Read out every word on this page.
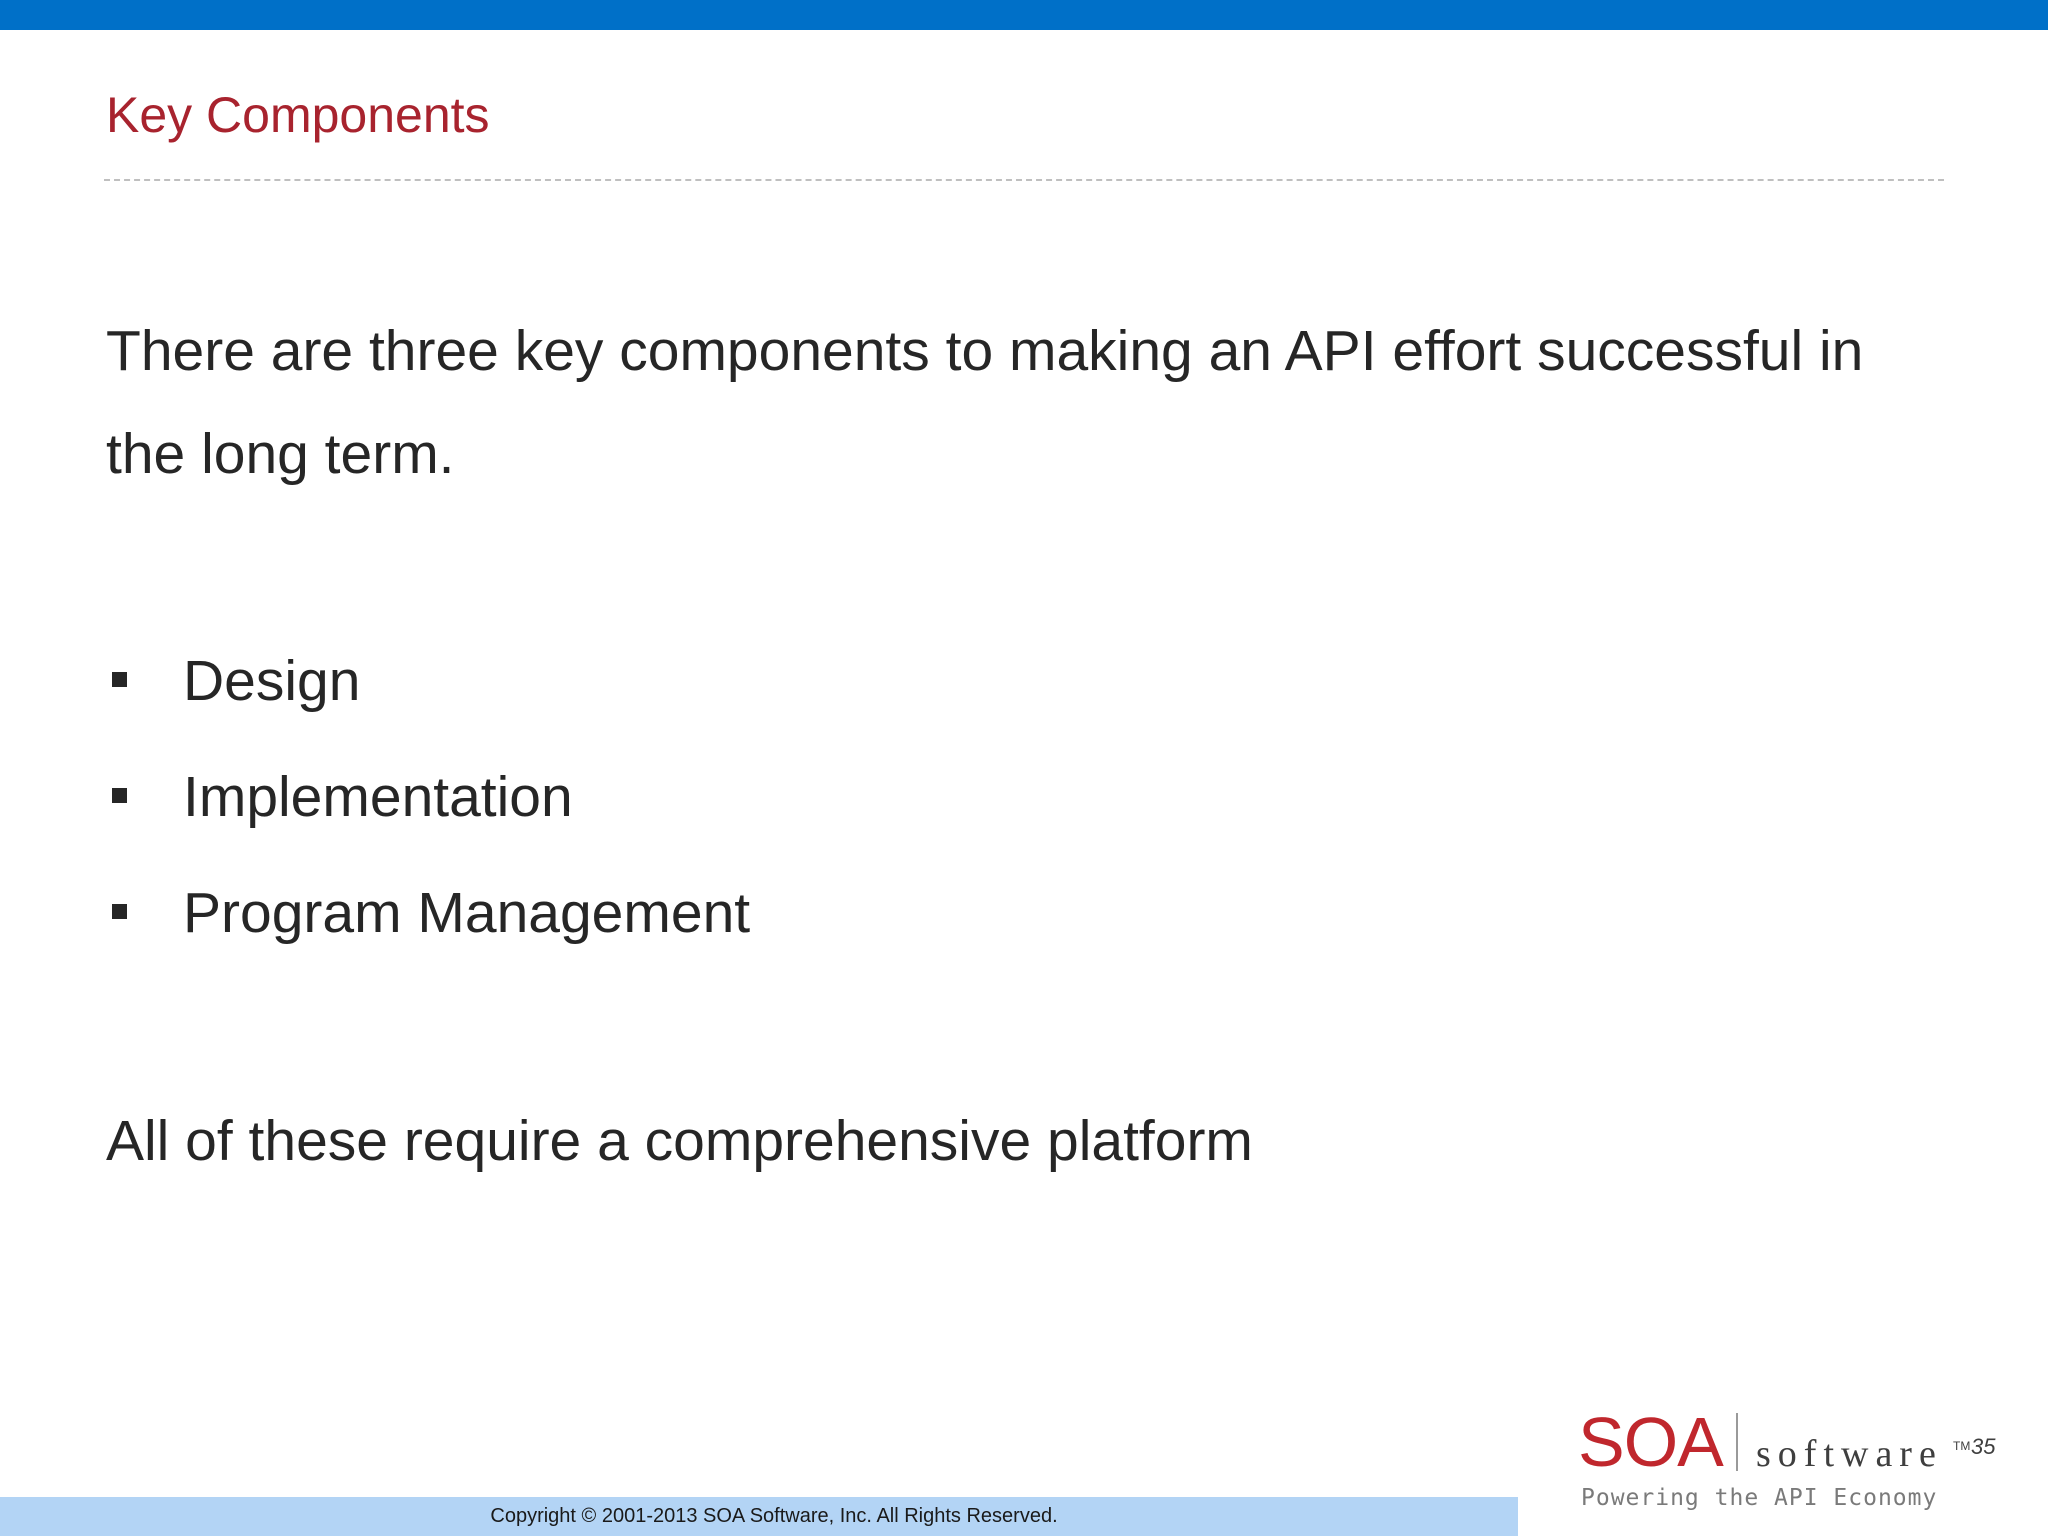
Key Components

There are three key components to making an API effort successful in the long term.

Design
Implementation
Program Management

All of these require a comprehensive platform

Copyright © 2001-2013 SOA Software, Inc. All Rights Reserved.
SOA software TM 35
Powering the API Economy
